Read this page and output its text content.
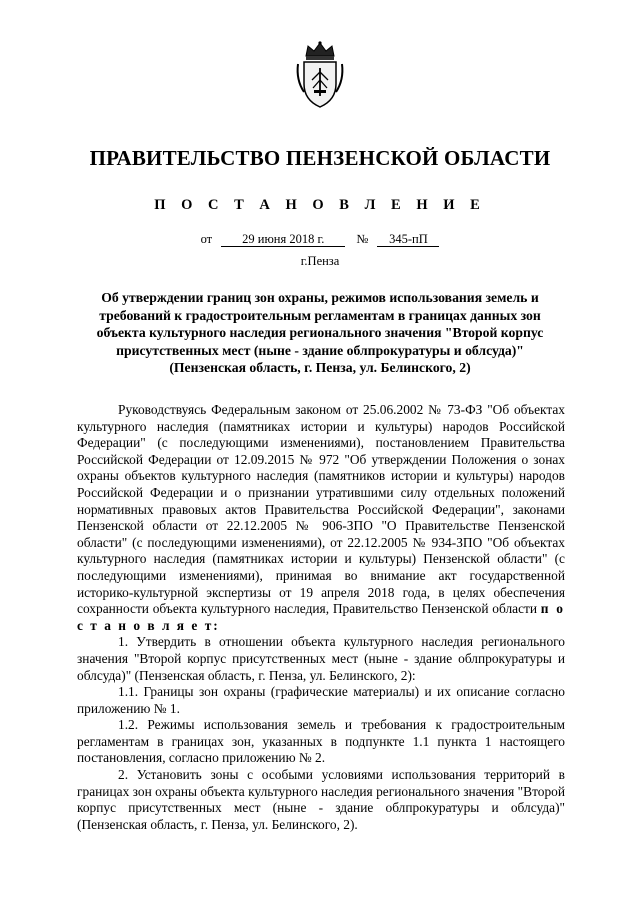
ПРАВИТЕЛЬСТВО ПЕНЗЕНСКОЙ ОБЛАСТИ
П О С Т А Н О В Л Е Н И Е
от 29 июня 2018 г.	№ 345-пП
г.Пенза
Об утверждении границ зон охраны, режимов использования земель и
требований к градостроительным регламентам в границах данных зон
объекта культурного наследия регионального значения "Второй корпус
присутственных мест (ныне - здание облпрокуратуры и облсуда)"
(Пензенская область, г. Пенза, ул. Белинского, 2)

Руководствуясь Федеральным законом от 25.06.2002 № 73-ФЗ "Об объектах культурного наследия (памятниках истории и культуры) народов Российской Федерации" (с последующими изменениями), постановлением Правительства Российской Федерации от 12.09.2015 № 972 "Об утверждении Положения о зонах охраны объектов культурного наследия (памятников истории и культуры) народов Российской Федерации и о признании утратившими силу отдельных положений нормативных правовых актов Правительства Российской Федерации", законами Пензенской области от 22.12.2005 № 906-ЗПО "О Правительстве Пензенской области" (с последующими изменениями), от 22.12.2005 № 934-ЗПО "Об объектах культурного наследия (памятниках истории и культуры) Пензенской области" (с последующими изменениями), принимая во внимание акт государственной историко-культурной экспертизы от 19 апреля 2018 года, в целях обеспечения сохранности объекта культурного наследия, Правительство Пензенской области п о с т а н о в л я е т:

1. Утвердить в отношении объекта культурного наследия регионального значения "Второй корпус присутственных мест (ныне - здание облпрокуратуры и облсуда)" (Пензенская область, г. Пенза, ул. Белинского, 2):

1.1. Границы зон охраны (графические материалы) и их описание согласно приложению № 1.

1.2. Режимы использования земель и требования к градостроительным регламентам в границах зон, указанных в подпункте 1.1 пункта 1 настоящего постановления, согласно приложению № 2.

2. Установить зоны с особыми условиями использования территорий в границах зон охраны объекта культурного наследия регионального значения "Второй корпус присутственных мест (ныне - здание облпрокуратуры и облсуда)" (Пензенская область, г. Пенза, ул. Белинского, 2).
